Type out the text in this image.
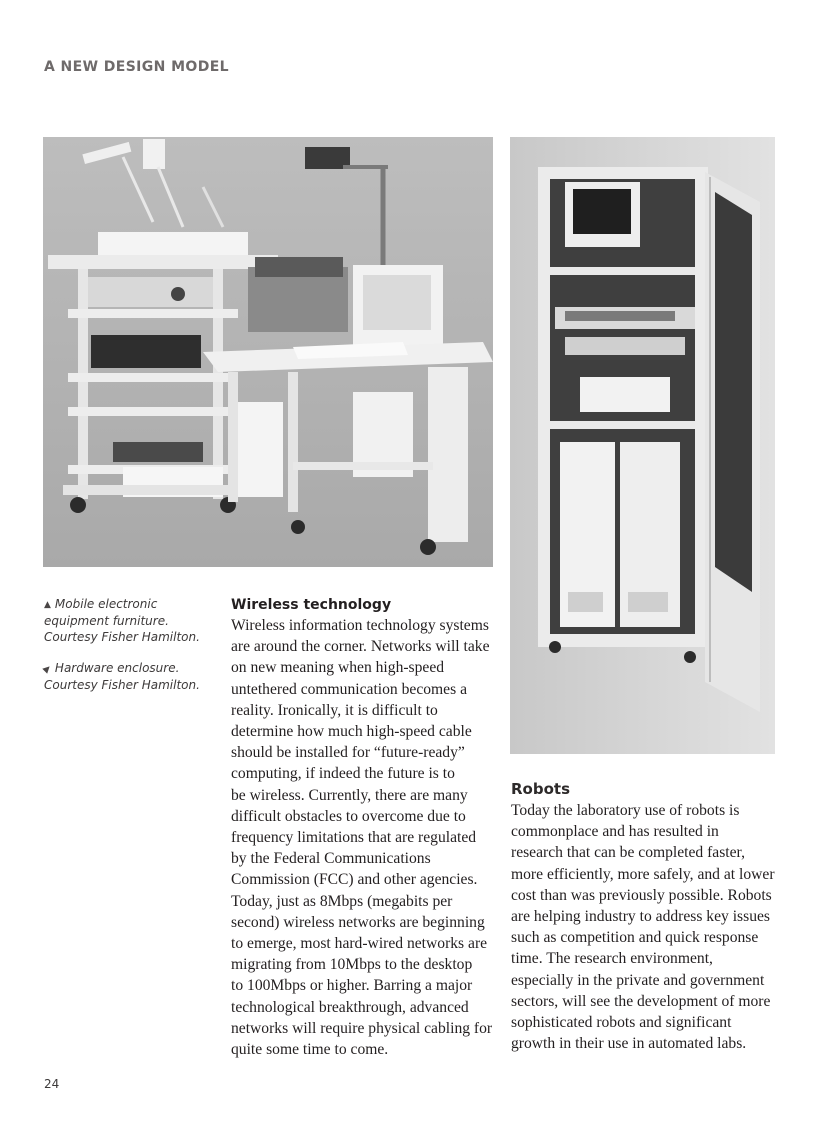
A NEW DESIGN MODEL

▲ Mobile electronic
equipment furniture.
Courtesy Fisher Hamilton.

▶Hardware enclosure.
Courtesy Fisher Hamilton.

Wireless technology
Wireless information technology systems
are around the corner. Networks will take
on new meaning when high-speed
untethered communication becomes a
reality. Ironically, it is difficult to
determine how much high-speed cable
should be installed for “future-ready”
computing, if indeed the future is to
be wireless. Currently, there are many
difficult obstacles to overcome due to
frequency limitations that are regulated
by the Federal Communications
Commission (FCC) and other agencies.
Today, just as 8Mbps (megabits per
second) wireless networks are beginning
to emerge, most hard-wired networks are
migrating from 10Mbps to the desktop
to 100Mbps or higher. Barring a major
technological breakthrough, advanced
networks will require physical cabling for
quite some time to come.
Robots
Today the laboratory use of robots is
commonplace and has resulted in
research that can be completed faster,
more efficiently, more safely, and at lower
cost than was previously possible. Robots
are helping industry to address key issues
such as competition and quick response
time. The research environment,
especially in the private and government
sectors, will see the development of more
sophisticated robots and significant
growth in their use in automated labs.
24
